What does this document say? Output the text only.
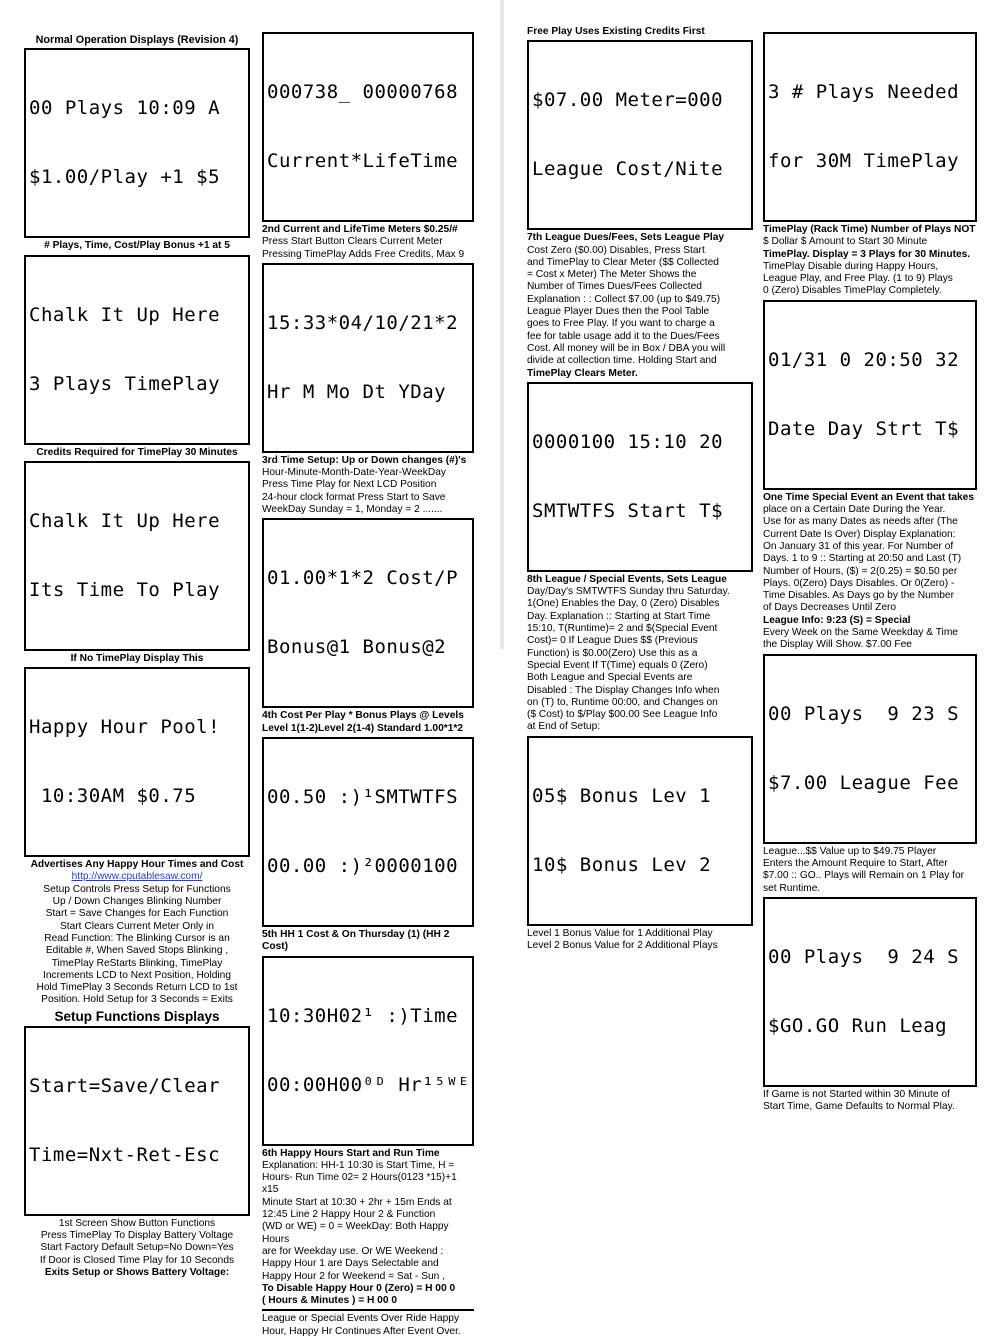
Normal Operation Displays (Revision 4)

00 Plays 10:09 A

$1.00/Play +1 $5

# Plays, Time, Cost/Play Bonus +1 at 5

Chalk It Up Here

3 Plays TimePlay

Credits Required for TimePlay 30 Minutes

Chalk It Up Here

Its Time To Play

If No TimePlay Display This

Happy Hour Pool!

10:30AM $0.75

Advertises Any Happy Hour Times and Cost

http://www.cputablesaw.com/

Setup Controls Press Setup for Functions

Up / Down Changes Blinking Number

Start = Save Changes for Each Function

Start Clears Current Meter Only in

Read Function: The Blinking Cursor is an

Editable #, When Saved Stops Blinking ,

TimePlay ReStarts Blinking, TimePlay

Increments LCD to Next Position, Holding

Hold TimePlay 3 Seconds Return LCD to 1st

Position. Hold Setup for 3 Seconds = Exits

Setup Functions Displays

Start=Save/Clear

Time=Nxt-Ret-Esc

1st Screen Show Button Functions

Press TimePlay To Display Battery Voltage

Start Factory Default Setup=No Down=Yes

If Door is Closed Time Play for 10 Seconds

Exits Setup or Shows Battery Voltage:

000738_ 00000768

Current*LifeTime

2nd Current and LifeTime Meters $0.25/#

Press Start Button Clears Current Meter

Pressing TimePlay Adds Free Credits, Max 9

15:33*04/10/21*2

Hr M Mo Dt YDay

3rd Time Setup: Up or Down changes (#)'s

Hour-Minute-Month-Date-Year-WeekDay

Press Time Play for Next LCD Position

24-hour clock format Press Start to Save

WeekDay Sunday = 1, Monday = 2 .......

01.00*1*2 Cost/P

Bonus@1 Bonus@2

4th Cost Per Play * Bonus Plays @ Levels

Level 1(1-2)Level 2(1-4) Standard 1.00*1*2

00.50 :)¹SMTWTFS

00.00 :)²0000100

5th HH 1 Cost & On Thursday (1) (HH 2 Cost)

10:30H02¹ :)Time

00:00H00⁰ᴰ Hr¹⁵ᵂᴱ

6th Happy Hours Start and Run Time

Explanation: HH-1 10:30 is Start Time, H =

Hours- Run Time 02= 2 Hours(0123 *15)+1 x15

Minute Start at 10:30 + 2hr + 15m Ends at

12:45 Line 2 Happy Hour 2 & Function

(WD or WE) = 0 = WeekDay: Both Happy Hours

are for Weekday use. Or WE Weekend :

Happy Hour 1 are Days Selectable and

Happy Hour 2 for Weekend = Sat - Sun ,

To Disable Happy Hour 0 (Zero) = H 00 0

( Hours & Minutes ) = H 00 0

League or Special Events Over Ride Happy

Hour, Happy Hr Continues After Event Over.

Free Play Uses Existing Credits First

$07.00 Meter=000

League Cost/Nite

7th League Dues/Fees, Sets League Play

Cost Zero ($0.00) Disables, Press Start

and TimePlay to Clear Meter ($$ Collected

= Cost x Meter) The Meter Shows the

Number of Times Dues/Fees Collected

Explanation : : Collect $7.00 (up to $49.75)

League Player Dues then the Pool Table

goes to Free Play. If you want to charge a

fee for table usage add it to the Dues/Fees

Cost. All money will be in Box / DBA you will

divide at collection time. Holding Start and

TimePlay Clears Meter.

0000100 15:10 20

SMTWTFS Start T$

8th League / Special Events, Sets League

Day/Day's SMTWTFS Sunday thru Saturday.

1(One) Enables the Day, 0 (Zero) Disables

Day. Explanation :: Starting at Start Time

15:10, T(Runtime)= 2 and $(Special Event

Cost)= 0 If League Dues $$ (Previous

Function) is $0.00(Zero) Use this as a

Special Event If T(Time) equals 0 (Zero)

Both League and Special Events are

Disabled : The Display Changes Info when

on (T) to, Runtime 00:00, and Changes on

($ Cost) to $/Play $00.00 See League Info

at End of Setup:

05$ Bonus Lev 1

10$ Bonus Lev 2

Level 1 Bonus Value for 1 Additional Play

Level 2 Bonus Value for 2 Additional Plays

3 # Plays Needed

for 30M TimePlay

TimePlay (Rack Time) Number of Plays NOT

$ Dollar $ Amount to Start 30 Minute

TimePlay. Display = 3 Plays for 30 Minutes.

TimePlay Disable during Happy Hours,

League Play, and Free Play. (1 to 9) Plays

0 (Zero) Disables TimePlay Completely.

01/31 0 20:50 32

Date Day Strt T$

One Time Special Event an Event that takes

place on a Certain Date During the Year.

Use for as many Dates as needs after (The

Current Date Is Over) Display Explanation:

On January 31 of this year. For Number of

Days. 1 to 9 :: Starting at 20:50 and Last (T)

Number of Hours, ($) = 2(0.25) = $0.50 per

Plays. 0(Zero) Days Disables. Or 0(Zero) -

Time Disables. As Days go by the Number

of Days Decreases Until Zero

League Info: 9:23 (S) = Special

Every Week on the Same Weekday & Time

the Display Will Show. $7.00 Fee

00 Plays  9 23 S

$7.00 League Fee

League...$$ Value up to $49.75 Player

Enters the Amount Require to Start, After

$7.00 :: GO.. Plays will Remain on 1 Play for

set Runtime.

00 Plays  9 24 S

$GO.GO Run Leag

If Game is not Started within 30 Minute of

Start Time, Game Defaults to Normal Play.
